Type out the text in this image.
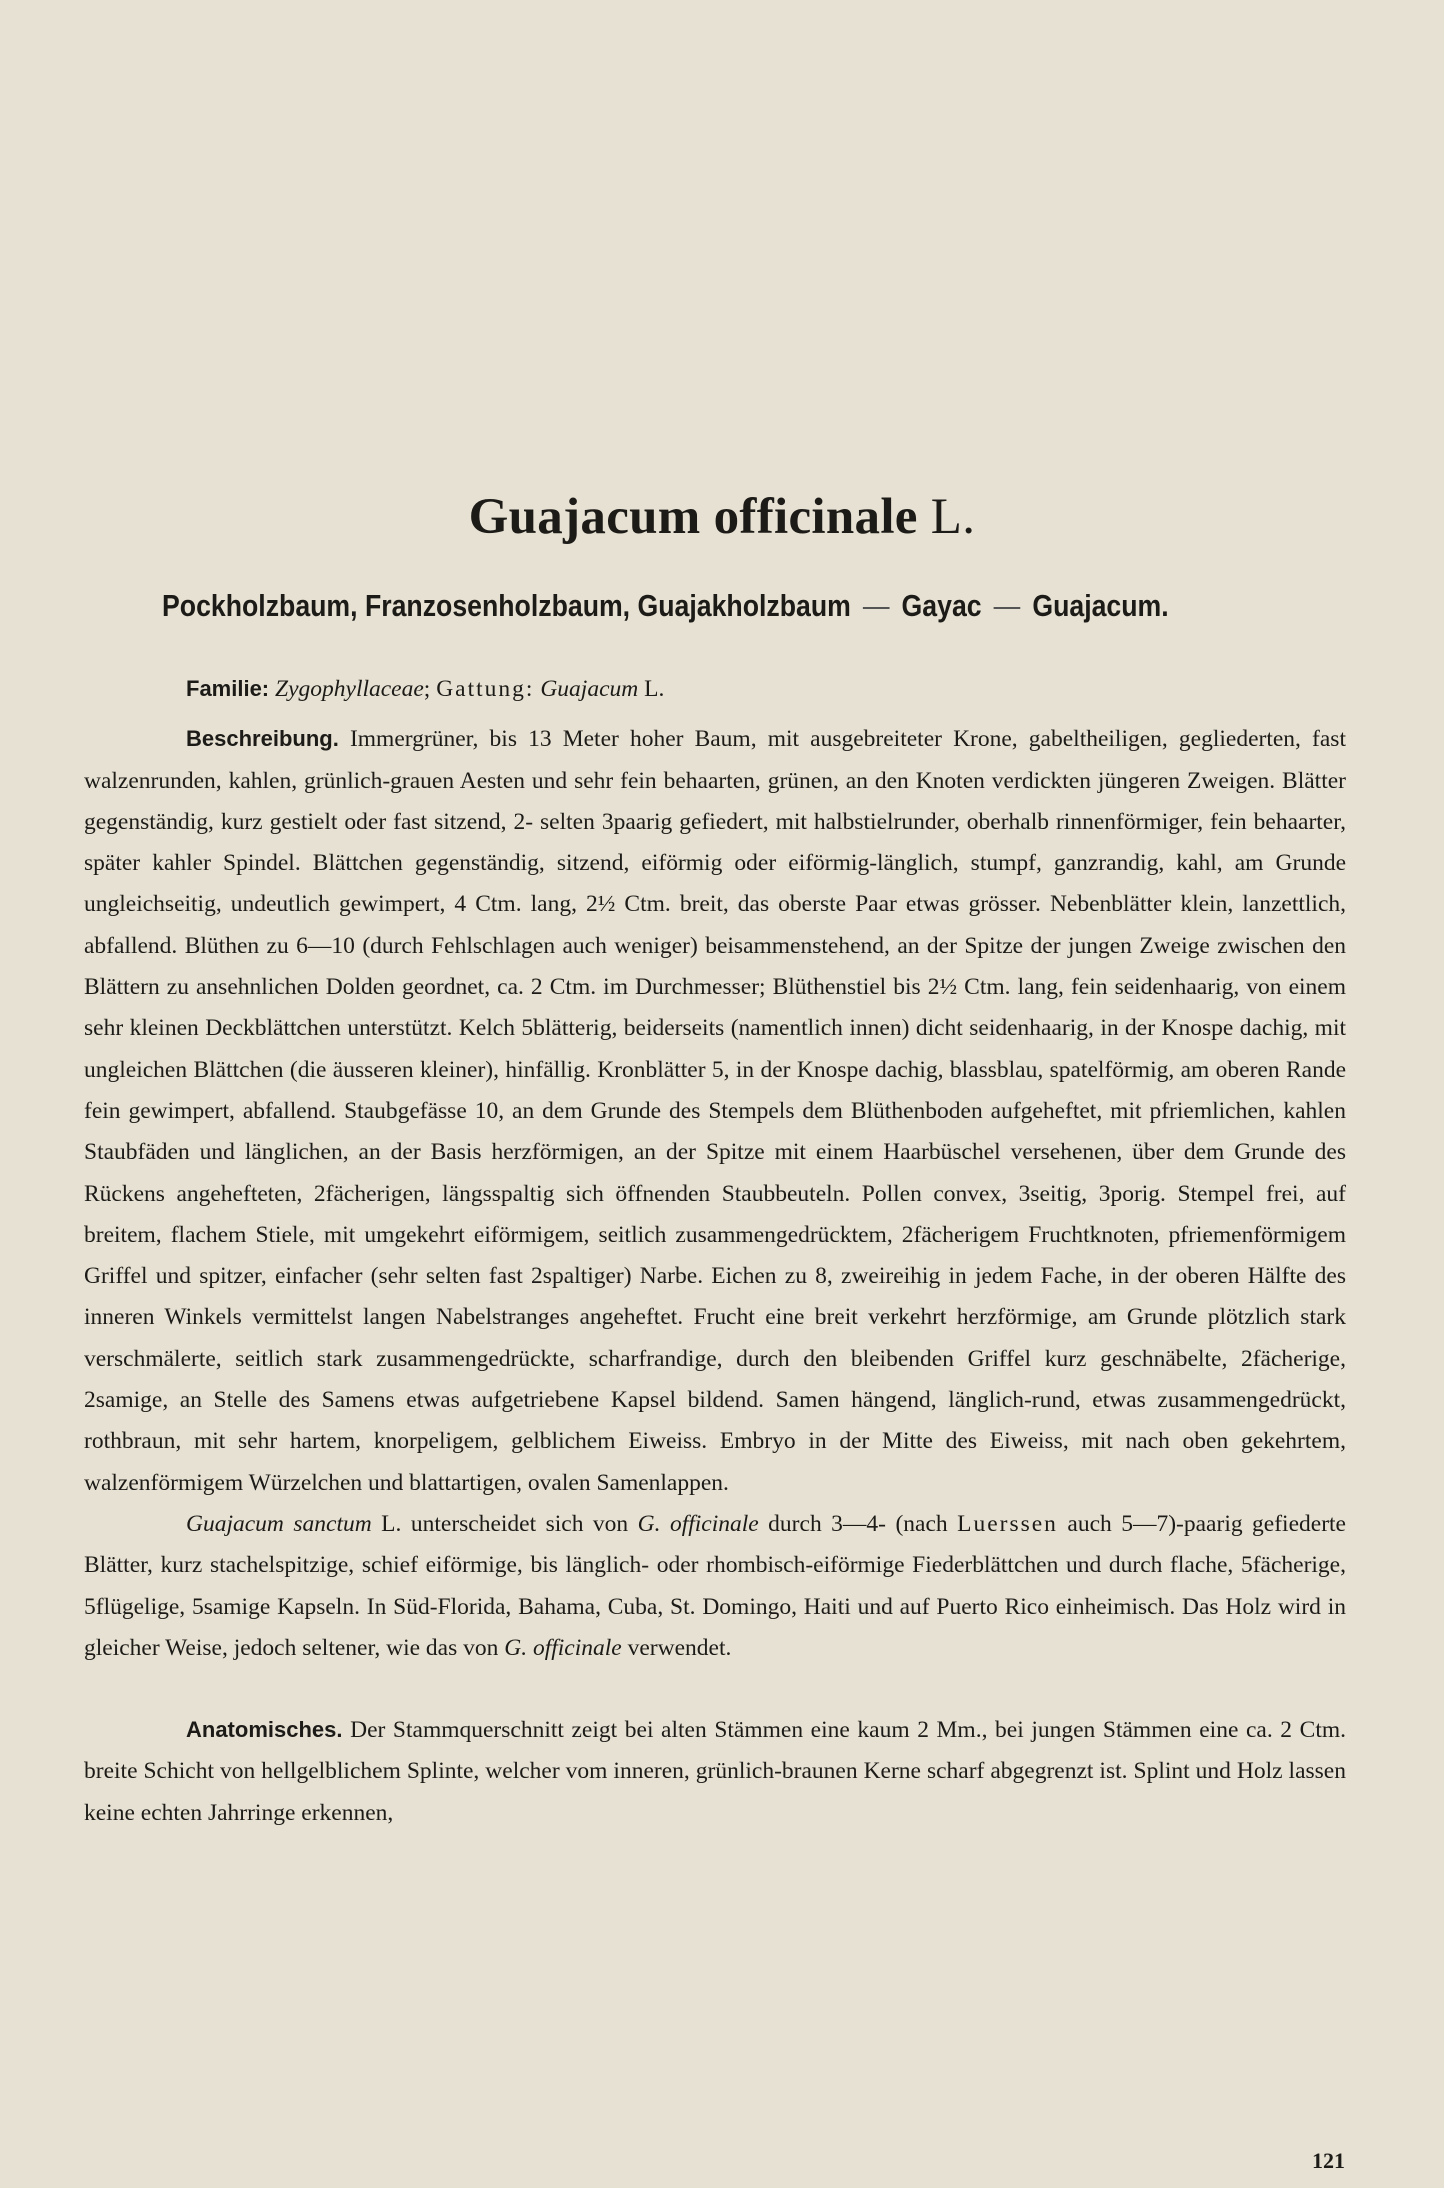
Guajacum officinale L.
Pockholzbaum, Franzosenholzbaum, Guajakholzbaum — Gayac — Guajacum.

Familie: Zygophyllaceae; Gattung: Guajacum L.

Beschreibung. Immergrüner, bis 13 Meter hoher Baum, mit ausgebreiteter Krone, gabeltheiligen, gegliederten, fast walzenrunden, kahlen, grünlich-grauen Aesten und sehr fein behaarten, grünen, an den Knoten verdickten jüngeren Zweigen. Blätter gegenständig, kurz gestielt oder fast sitzend, 2- selten 3paarig gefiedert, mit halbstielrunder, oberhalb rinnenförmiger, fein behaarter, später kahler Spindel. Blättchen gegenständig, sitzend, eiförmig oder eiförmig-länglich, stumpf, ganzrandig, kahl, am Grunde ungleichseitig, undeutlich gewimpert, 4 Ctm. lang, 2½ Ctm. breit, das oberste Paar etwas grösser. Nebenblätter klein, lanzettlich, abfallend. Blüthen zu 6—10 (durch Fehlschlagen auch weniger) beisammenstehend, an der Spitze der jungen Zweige zwischen den Blättern zu ansehnlichen Dolden geordnet, ca. 2 Ctm. im Durchmesser; Blüthenstiel bis 2½ Ctm. lang, fein seidenhaarig, von einem sehr kleinen Deckblättchen unterstützt. Kelch 5blätterig, beiderseits (namentlich innen) dicht seidenhaarig, in der Knospe dachig, mit ungleichen Blättchen (die äusseren kleiner), hinfällig. Kronblätter 5, in der Knospe dachig, blassblau, spatelförmig, am oberen Rande fein gewimpert, abfallend. Staubgefässe 10, an dem Grunde des Stempels dem Blüthenboden aufgeheftet, mit pfriemlichen, kahlen Staubfäden und länglichen, an der Basis herzförmigen, an der Spitze mit einem Haarbüschel versehenen, über dem Grunde des Rückens angehefteten, 2fächerigen, längsspaltig sich öffnenden Staubbeuteln. Pollen convex, 3seitig, 3porig. Stempel frei, auf breitem, flachem Stiele, mit umgekehrt eiförmigem, seitlich zusammengedrücktem, 2fächerigem Fruchtknoten, pfriemenförmigem Griffel und spitzer, einfacher (sehr selten fast 2spaltiger) Narbe. Eichen zu 8, zweireihig in jedem Fache, in der oberen Hälfte des inneren Winkels vermittelst langen Nabelstranges angeheftet. Frucht eine breit verkehrt herzförmige, am Grunde plötzlich stark verschmälerte, seitlich stark zusammengedrückte, scharfrandige, durch den bleibenden Griffel kurz geschnäbelte, 2fächerige, 2samige, an Stelle des Samens etwas aufgetriebene Kapsel bildend. Samen hängend, länglich-rund, etwas zusammengedrückt, rothbraun, mit sehr hartem, knorpeligem, gelblichem Eiweiss. Embryo in der Mitte des Eiweiss, mit nach oben gekehrtem, walzenförmigem Würzelchen und blattartigen, ovalen Samenlappen.

Guajacum sanctum L. unterscheidet sich von G. officinale durch 3—4- (nach Luerssen auch 5—7)-paarig gefiederte Blätter, kurz stachelspitzige, schief eiförmige, bis länglich- oder rhombisch-eiförmige Fiederblättchen und durch flache, 5fächerige, 5flügelige, 5samige Kapseln. In Süd-Florida, Bahama, Cuba, St. Domingo, Haiti und auf Puerto Rico einheimisch. Das Holz wird in gleicher Weise, jedoch seltener, wie das von G. officinale verwendet.

Anatomisches. Der Stammquerschnitt zeigt bei alten Stämmen eine kaum 2 Mm., bei jungen Stämmen eine ca. 2 Ctm. breite Schicht von hellgelblichem Splinte, welcher vom inneren, grünlich-braunen Kerne scharf abgegrenzt ist. Splint und Holz lassen keine echten Jahrringe erkennen,

121
